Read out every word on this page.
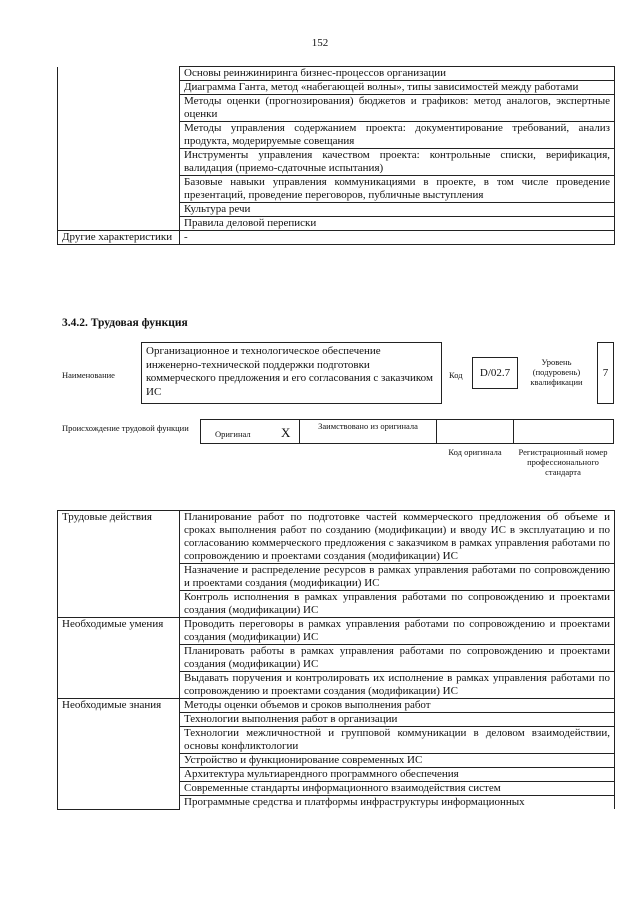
152
	Основы реинжиниринга бизнес-процессов организации
	Диаграмма Ганта, метод «набегающей волны», типы зависимостей между работами
	Методы оценки (прогнозирования) бюджетов и графиков: метод аналогов, экспертные оценки
	Методы управления содержанием проекта: документирование требований, анализ продукта, модерируемые совещания
	Инструменты управления качеством проекта: контрольные списки, верификация, валидация (приемо-сдаточные испытания)
	Базовые навыки управления коммуникациями в проекте, в том числе проведение презентаций, проведение переговоров, публичные выступления
	Культура речи
	Правила деловой переписки
Другие характеристики	-
3.4.2. Трудовая функция
Наименование
Организационное и технологическое обеспечение инженерно-технической поддержки подготовки коммерческого предложения и его согласования с заказчиком ИС
Код	D/02.7
Уровень (подуровень) квалификации
7
Происхождение трудовой функции
Оригинал X	Заимствовано из оригинала
Код оригинала	Регистрационный номер профессионального стандарта
Трудовые действия	Планирование работ по подготовке частей коммерческого предложения об объеме и сроках выполнения работ по созданию (модификации) и вводу ИС в эксплуатацию и по согласованию коммерческого предложения с заказчиком в рамках управления работами по сопровождению и проектами создания (модификации) ИС
	Назначение и распределение ресурсов в рамках управления работами по сопровождению и проектами создания (модификации) ИС
	Контроль исполнения в рамках управления работами по сопровождению и проектами создания (модификации) ИС
Необходимые умения	Проводить переговоры в рамках управления работами по сопровождению и проектами создания (модификации) ИС
	Планировать работы в рамках управления работами по сопровождению и проектами создания (модификации) ИС
	Выдавать поручения и контролировать их исполнение в рамках управления работами по сопровождению и проектами создания (модификации) ИС
Необходимые знания	Методы оценки объемов и сроков выполнения работ
	Технологии выполнения работ в организации
	Технологии межличностной и групповой коммуникации в деловом взаимодействии, основы конфликтологии
	Устройство и функционирование современных ИС
	Архитектура мультиарендного программного обеспечения
	Современные стандарты информационного взаимодействия систем
	Программные средства и платформы инфраструктуры информационных
